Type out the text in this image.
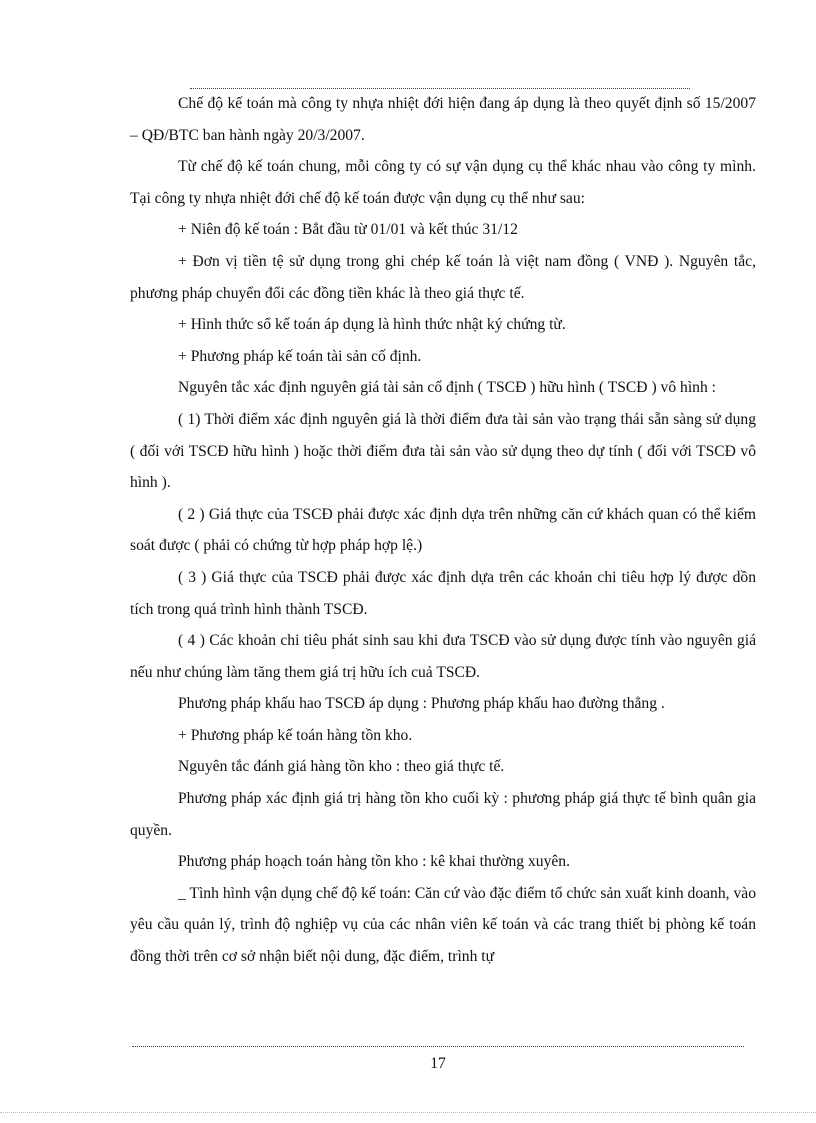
Chế độ kế toán mà công ty nhựa nhiệt đới hiện đang áp dụng là theo quyết định số 15/2007 – QĐ/BTC ban hành ngày 20/3/2007.

Từ chế độ kế toán chung, mỗi công ty có sự vận dụng cụ thể khác nhau vào công ty mình. Tại công ty nhựa nhiệt đới chế độ kế toán được vận dụng cụ thể như sau:

+ Niên độ kế toán : Bắt đầu từ 01/01 và kết thúc 31/12

+ Đơn vị tiền tệ sử dụng trong ghi chép kế toán là việt nam đồng ( VNĐ ). Nguyên tắc, phương pháp chuyển đổi các đồng tiền khác là theo giá thực tế.

+ Hình thức sổ kế toán áp dụng là hình thức nhật ký chứng từ.

+ Phương pháp kế toán tài sản cố định.

Nguyên tắc xác định nguyên giá tài sản cố định ( TSCĐ ) hữu hình ( TSCĐ ) vô hình :

( 1) Thời điểm xác định nguyên giá là thời điểm đưa tài sản vào trạng thái sẵn sàng sử dụng ( đối với TSCĐ hữu hình ) hoặc thời điểm đưa tài sản vào sử dụng theo dự tính ( đối với TSCĐ vô hình ).

( 2 ) Giá thực của TSCĐ phải được xác định dựa trên những căn cứ khách quan có thể kiểm soát được ( phải có chứng từ hợp pháp hợp lệ.)

( 3 ) Giá thực của TSCĐ phải được xác định dựa trên các khoản chi tiêu hợp lý được dồn tích trong quá trình hình thành TSCĐ.

( 4 ) Các khoản chi tiêu phát sinh sau khi đưa TSCĐ vào sử dụng được tính vào nguyên giá nếu như chúng làm tăng them giá trị hữu ích cuả TSCĐ.

Phương pháp khấu hao TSCĐ áp dụng : Phương pháp khấu hao đường thẳng .

+ Phương pháp kế toán hàng tồn kho.

Nguyên tắc đánh giá hàng tồn kho : theo giá thực tế.

Phương pháp xác định giá trị hàng tồn kho cuối kỳ : phương pháp giá thực tế bình quân gia quyền.

Phương pháp hoạch toán hàng tồn kho : kê khai thường xuyên.

_ Tình hình vận dụng chế độ kế toán: Căn cứ vào đặc điểm tổ chức sản xuất kinh doanh, vào yêu cầu quản lý, trình độ nghiệp vụ của các nhân viên kế toán và các trang thiết bị phòng kế toán đồng thời trên cơ sở nhận biết nội dung, đặc điểm, trình tự

17
